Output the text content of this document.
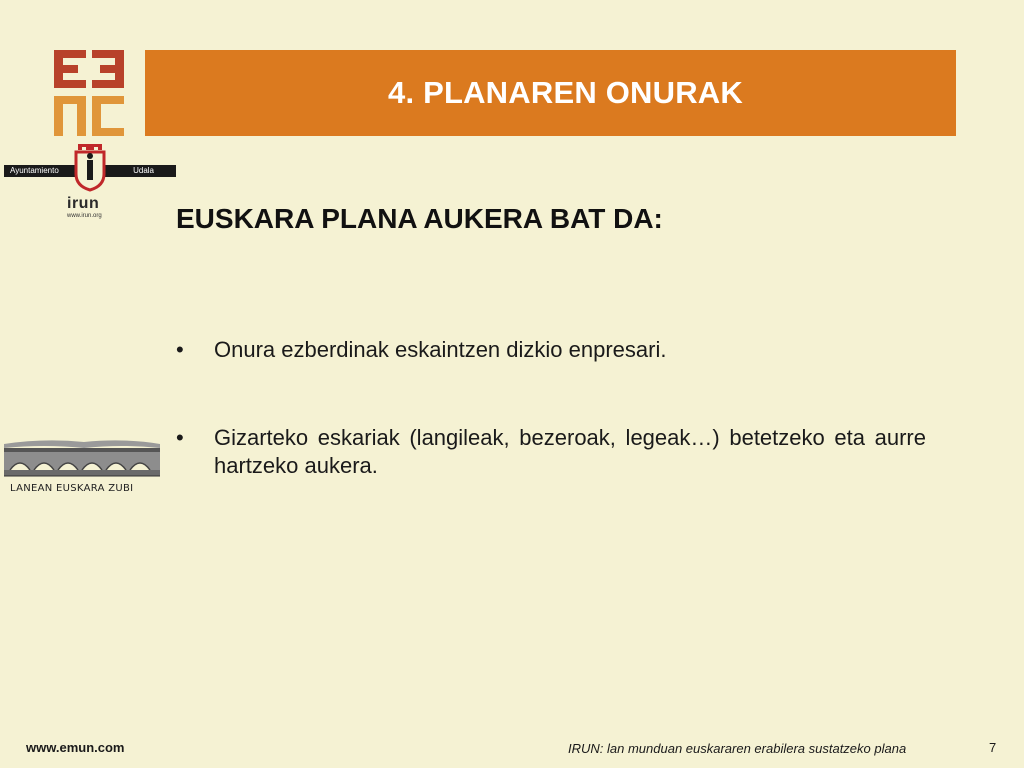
4. PLANAREN ONURAK
Ayuntamiento	Udala
irun
www.irun.org	EUSKARA PLANA AUKERA BAT DA:
• Onura ezberdinak eskaintzen dizkio enpresari.
• Gizarteko eskariak (langileak, bezeroak, legeak…) betetzeko eta aurre hartzeko aukera.
LANEAN EUSKARA ZUBI
www.emun.com	IRUN: lan munduan euskararen erabilera sustatzeko plana	7
